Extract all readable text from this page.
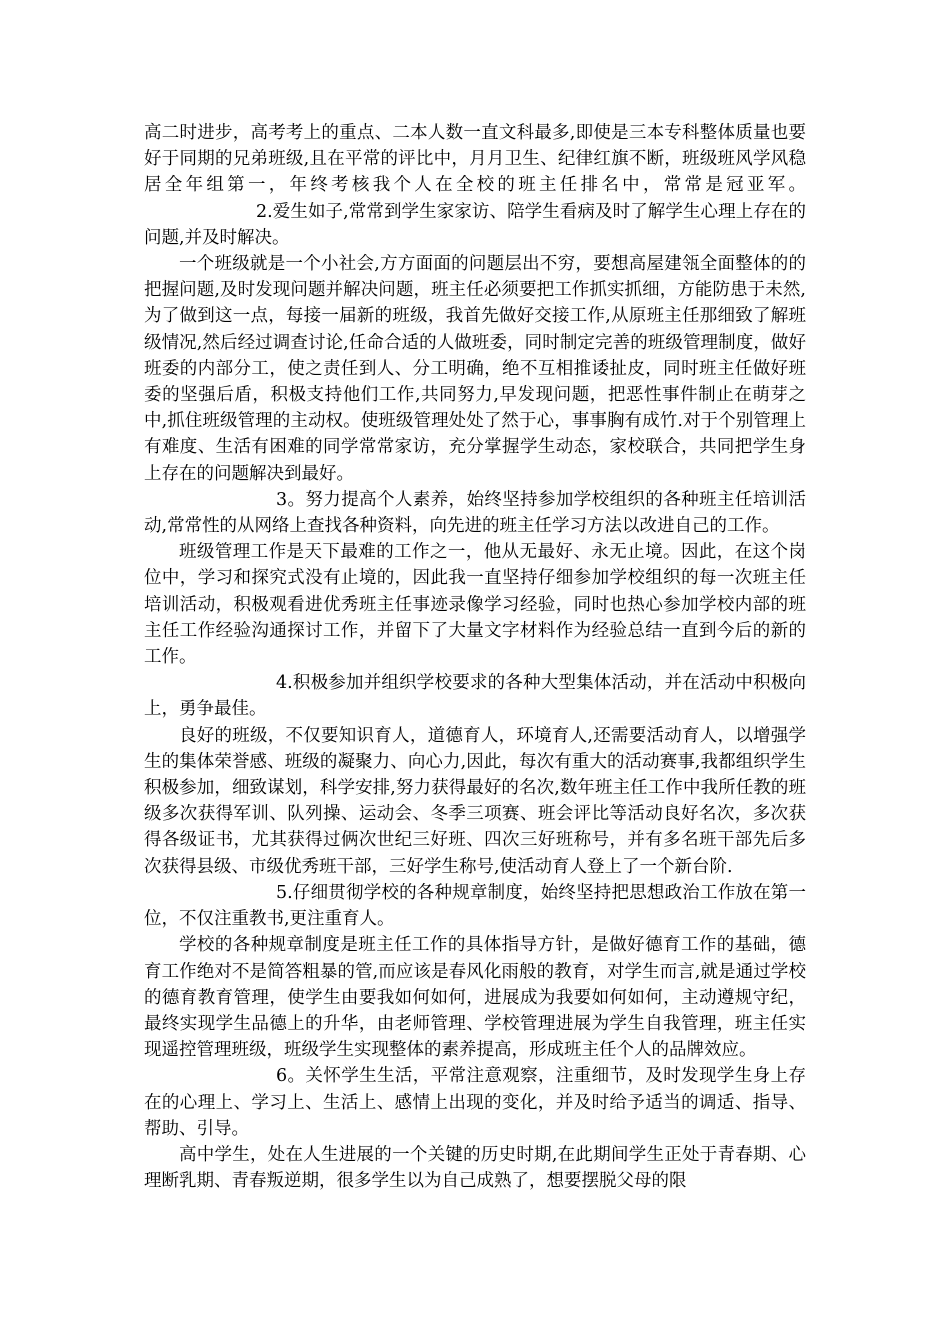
高二时进步，高考考上的重点、二本人数一直文科最多,即使是三本专科整体质量也要好于同期的兄弟班级,且在平常的评比中，月月卫生、纪律红旗不断，班级班风学风稳居全年组第一，年终考核我个人在全校的班主任排名中，常常是冠亚军。2.爱生如子,常常到学生家家访、陪学生看病及时了解学生心理上存在的问题,并及时解决。

一个班级就是一个小社会,方方面面的问题层出不穷，要想高屋建瓴全面整体的的把握问题,及时发现问题并解决问题，班主任必须要把工作抓实抓细，方能防患于未然,为了做到这一点，每接一届新的班级，我首先做好交接工作,从原班主任那细致了解班级情况,然后经过调查讨论,任命合适的人做班委，同时制定完善的班级管理制度，做好班委的内部分工，使之责任到人、分工明确，绝不互相推诿扯皮，同时班主任做好班委的坚强后盾，积极支持他们工作,共同努力,早发现问题，把恶性事件制止在萌芽之中,抓住班级管理的主动权。使班级管理处处了然于心，事事胸有成竹.对于个别管理上有难度、生活有困难的同学常常家访，充分掌握学生动态，家校联合，共同把学生身上存在的问题解决到最好。

3。努力提高个人素养，始终坚持参加学校组织的各种班主任培训活动,常常性的从网络上查找各种资料，向先进的班主任学习方法以改进自己的工作。

班级管理工作是天下最难的工作之一，他从无最好、永无止境。因此，在这个岗位中，学习和探究式没有止境的，因此我一直坚持仔细参加学校组织的每一次班主任培训活动，积极观看进优秀班主任事迹录像学习经验，同时也热心参加学校内部的班主任工作经验沟通探讨工作，并留下了大量文字材料作为经验总结一直到今后的新的工作。

4.积极参加并组织学校要求的各种大型集体活动，并在活动中积极向上，勇争最佳。

良好的班级，不仅要知识育人，道德育人，环境育人,还需要活动育人，以增强学生的集体荣誉感、班级的凝聚力、向心力,因此，每次有重大的活动赛事,我都组织学生积极参加，细致谋划，科学安排,努力获得最好的名次,数年班主任工作中我所任教的班级多次获得军训、队列操、运动会、冬季三项赛、班会评比等活动良好名次，多次获得各级证书，尤其获得过俩次世纪三好班、四次三好班称号，并有多名班干部先后多次获得县级、市级优秀班干部，三好学生称号,使活动育人登上了一个新台阶.

5.仔细贯彻学校的各种规章制度，始终坚持把思想政治工作放在第一位，不仅注重教书,更注重育人。

学校的各种规章制度是班主任工作的具体指导方针，是做好德育工作的基础，德育工作绝对不是简答粗暴的管,而应该是春风化雨般的教育，对学生而言,就是通过学校的德育教育管理，使学生由要我如何如何，进展成为我要如何如何，主动遵规守纪，最终实现学生品德上的升华，由老师管理、学校管理进展为学生自我管理，班主任实现遥控管理班级，班级学生实现整体的素养提高，形成班主任个人的品牌效应。

6。关怀学生生活，平常注意观察，注重细节，及时发现学生身上存在的心理上、学习上、生活上、感情上出现的变化，并及时给予适当的调适、指导、帮助、引导。

高中学生，处在人生进展的一个关键的历史时期,在此期间学生正处于青春期、心理断乳期、青春叛逆期，很多学生以为自己成熟了，想要摆脱父母的限
